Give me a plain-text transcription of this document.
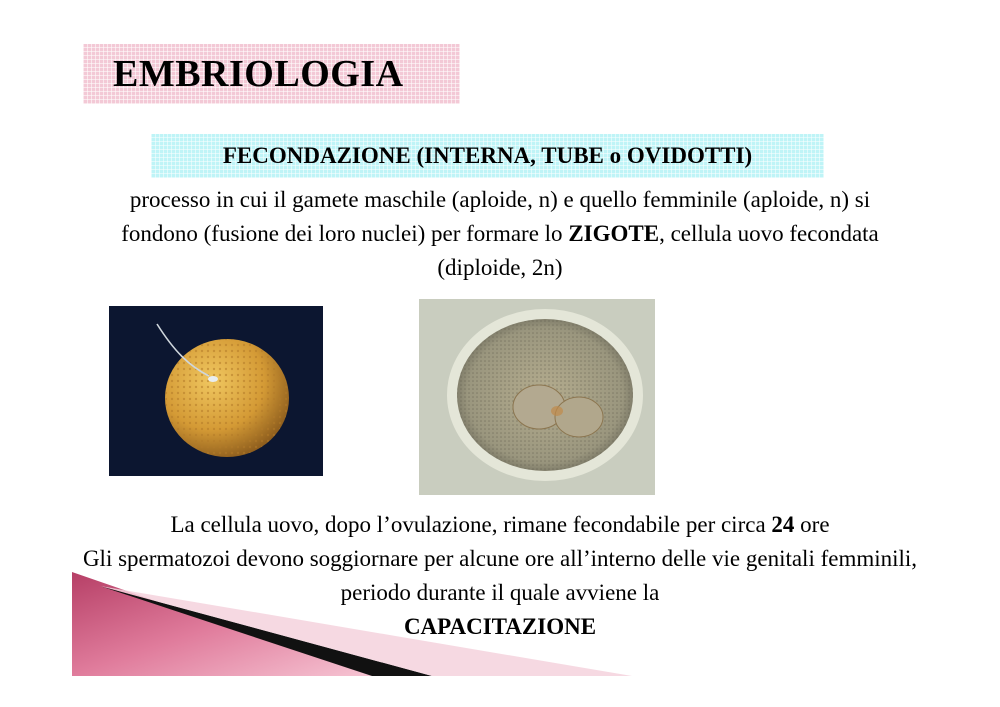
EMBRIOLOGIA
FECONDAZIONE (INTERNA, TUBE o OVIDOTTI)
processo in cui il gamete maschile (aploide, n) e quello femminile (aploide, n) si fondono (fusione dei loro nuclei) per formare lo ZIGOTE, cellula uovo fecondata (diploide, 2n)
La cellula uovo, dopo l’ovulazione, rimane fecondabile per circa 24 ore
Gli spermatozoi devono soggiornare per alcune ore all’interno delle vie genitali femminili, periodo durante il quale avviene la
CAPACITAZIONE
